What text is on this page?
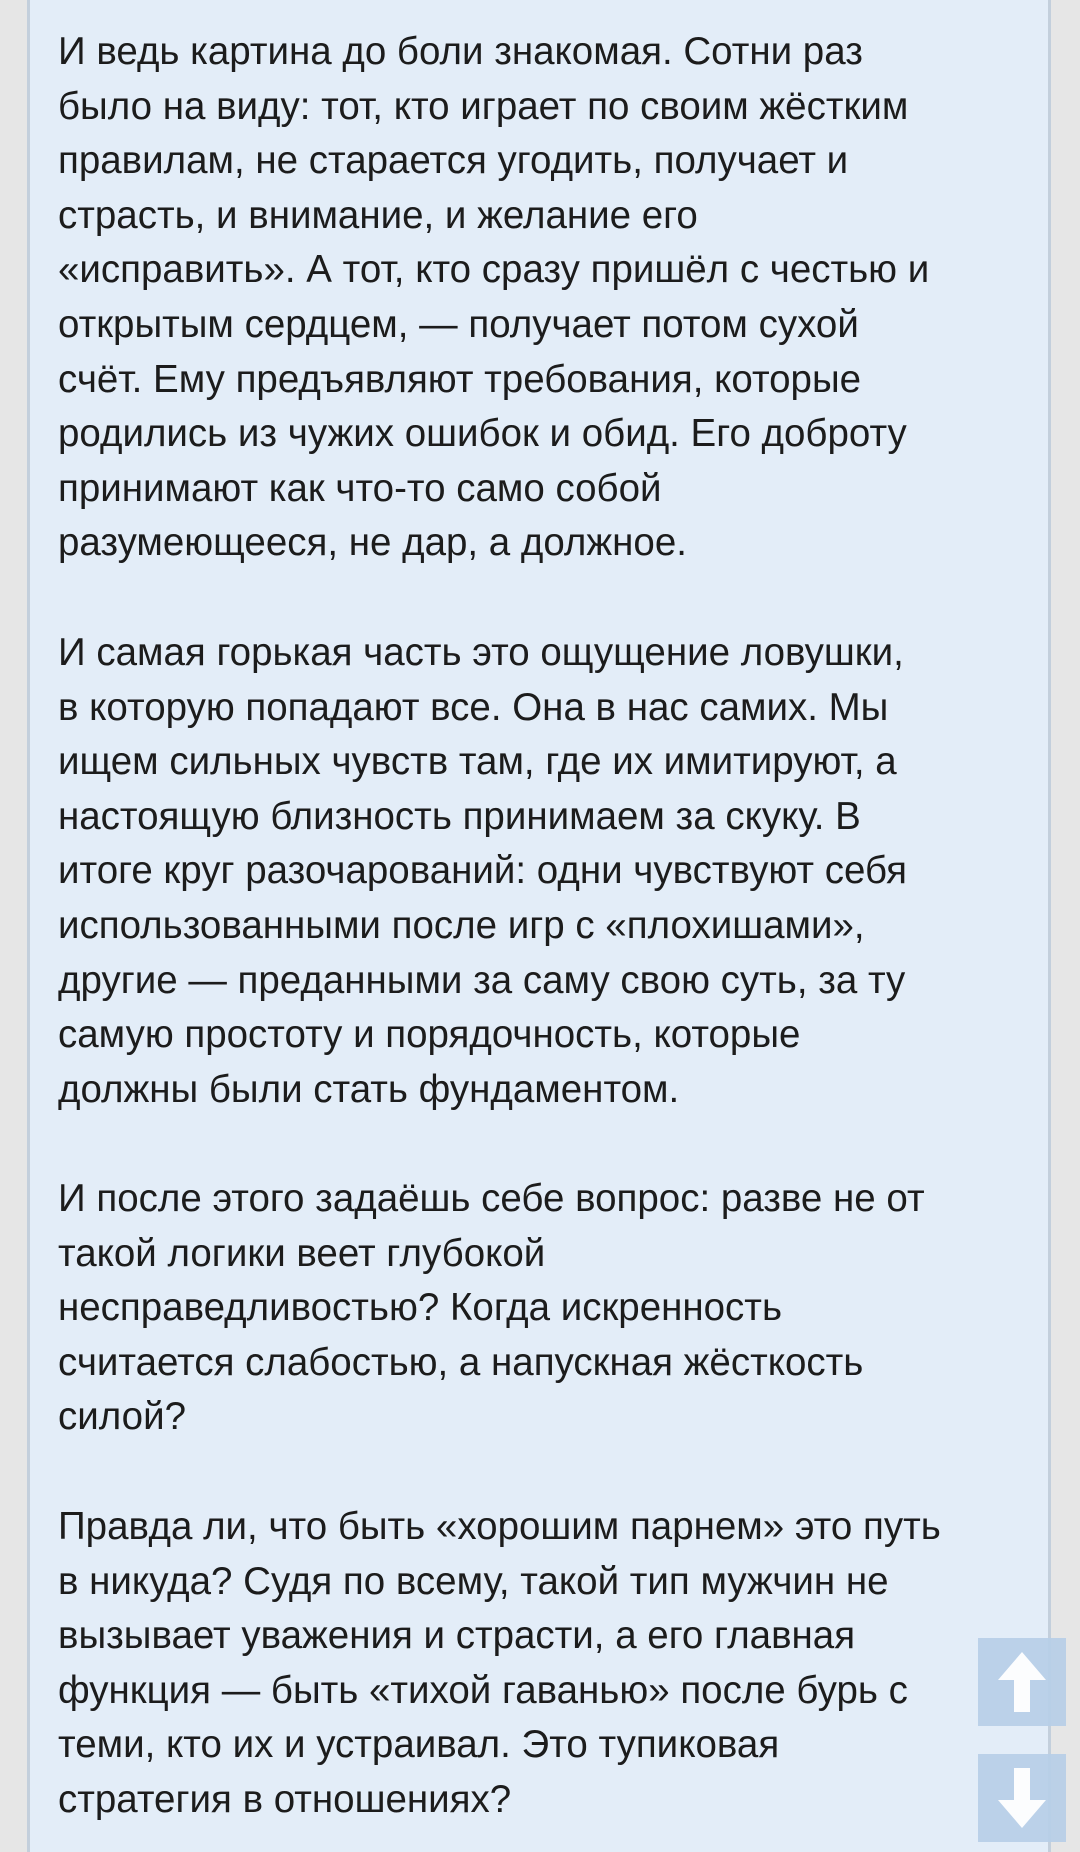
И ведь картина до боли знакомая. Сотни раз
было на виду: тот, кто играет по своим жёстким
правилам, не старается угодить, получает и
страсть, и внимание, и желание его
«исправить». А тот, кто сразу пришёл с честью и
открытым сердцем, — получает потом сухой
счёт. Ему предъявляют требования, которые
родились из чужих ошибок и обид. Его доброту
принимают как что-то само собой
разумеющееся, не дар, а должное.
И самая горькая часть это ощущение ловушки,
в которую попадают все. Она в нас самих. Мы
ищем сильных чувств там, где их имитируют, а
настоящую близность принимаем за скуку. В
итоге круг разочарований: одни чувствуют себя
использованными после игр с «плохишами»,
другие — преданными за саму свою суть, за ту
самую простоту и порядочность, которые
должны были стать фундаментом.
И после этого задаёшь себе вопрос: разве не от
такой логики веет глубокой
несправедливостью? Когда искренность
считается слабостью, а напускная жёсткость
силой?
Правда ли, что быть «хорошим парнем» это путь
в никуда? Судя по всему, такой тип мужчин не
вызывает уважения и страсти, а его главная
функция — быть «тихой гаванью» после бурь с
теми, кто их и устраивал. Это тупиковая
стратегия в отношениях?
